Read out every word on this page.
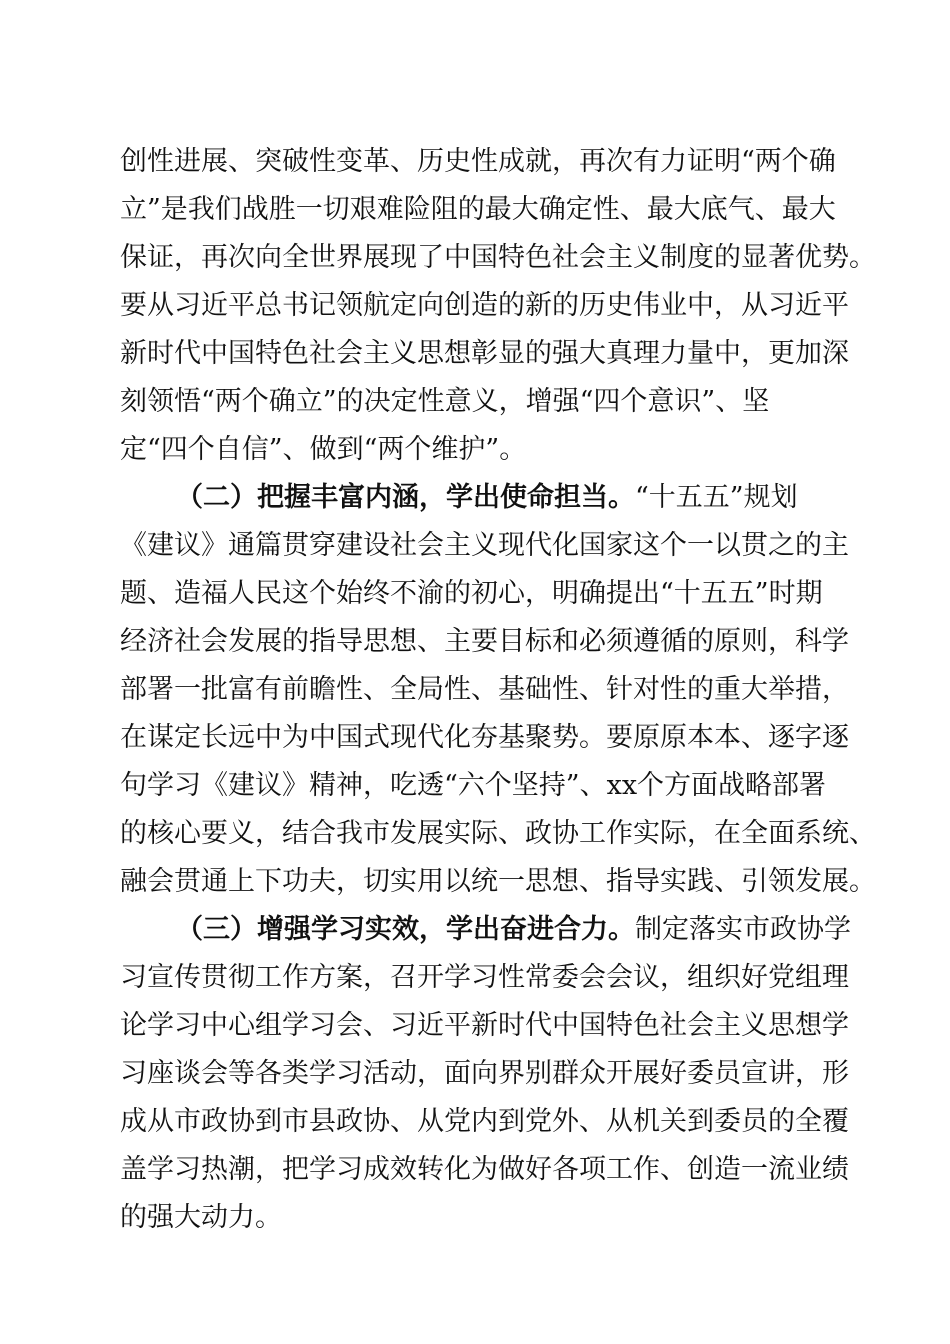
创性进展、突破性变革、历史性成就，再次有力证明“两个确

立”是我们战胜一切艰难险阻的最大确定性、最大底气、最大

保证，再次向全世界展现了中国特色社会主义制度的显著优势。

要从习近平总书记领航定向创造的新的历史伟业中，从习近平

新时代中国特色社会主义思想彰显的强大真理力量中，更加深

刻领悟“两个确立”的决定性意义，增强“四个意识”、坚

定“四个自信”、做到“两个维护”。

（二）把握丰富内涵，学出使命担当。“十五五”规划

《建议》通篇贯穿建设社会主义现代化国家这个一以贯之的主

题、造福人民这个始终不渝的初心，明确提出“十五五”时期

经济社会发展的指导思想、主要目标和必须遵循的原则，科学

部署一批富有前瞻性、全局性、基础性、针对性的重大举措，

在谋定长远中为中国式现代化夯基聚势。要原原本本、逐字逐

句学习《建议》精神，吃透“六个坚持”、xx个方面战略部署

的核心要义，结合我市发展实际、政协工作实际，在全面系统、

融会贯通上下功夫，切实用以统一思想、指导实践、引领发展。

（三）增强学习实效，学出奋进合力。制定落实市政协学

习宣传贯彻工作方案，召开学习性常委会会议，组织好党组理

论学习中心组学习会、习近平新时代中国特色社会主义思想学

习座谈会等各类学习活动，面向界别群众开展好委员宣讲，形

成从市政协到市县政协、从党内到党外、从机关到委员的全覆

盖学习热潮，把学习成效转化为做好各项工作、创造一流业绩

的强大动力。
